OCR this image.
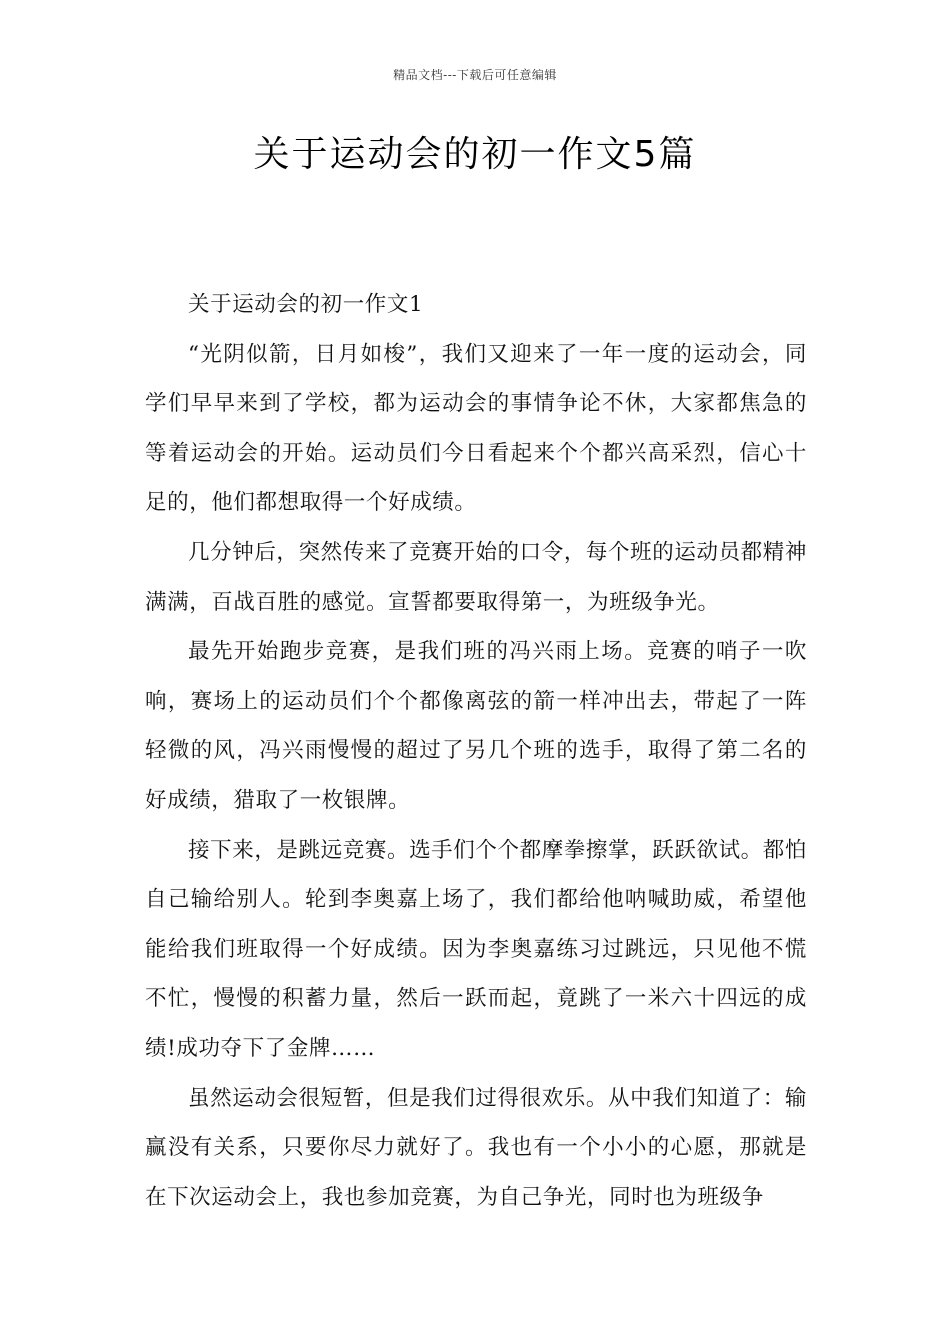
精品文档---下载后可任意编辑
关于运动会的初一作文5篇

关于运动会的初一作文1

“光阴似箭，日月如梭”，我们又迎来了一年一度的运动会，同学们早早来到了学校，都为运动会的事情争论不休，大家都焦急的等着运动会的开始。运动员们今日看起来个个都兴高采烈，信心十足的，他们都想取得一个好成绩。

几分钟后，突然传来了竞赛开始的口令，每个班的运动员都精神满满，百战百胜的感觉。宣誓都要取得第一，为班级争光。

最先开始跑步竞赛，是我们班的冯兴雨上场。竞赛的哨子一吹响，赛场上的运动员们个个都像离弦的箭一样冲出去，带起了一阵轻微的风，冯兴雨慢慢的超过了另几个班的选手，取得了第二名的好成绩，猎取了一枚银牌。

接下来，是跳远竞赛。选手们个个都摩拳擦掌，跃跃欲试。都怕自己输给别人。轮到李奥嘉上场了，我们都给他呐喊助威，希望他能给我们班取得一个好成绩。因为李奥嘉练习过跳远，只见他不慌不忙，慢慢的积蓄力量，然后一跃而起，竟跳了一米六十四远的成绩!成功夺下了金牌……

虽然运动会很短暂，但是我们过得很欢乐。从中我们知道了：输赢没有关系，只要你尽力就好了。我也有一个小小的心愿，那就是在下次运动会上，我也参加竞赛，为自己争光，同时也为班级争
